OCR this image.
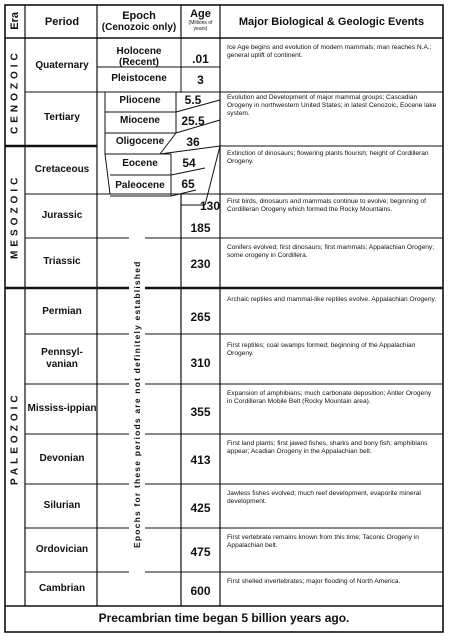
Era	Period	Epoch
(Cenozoic only)
Age
(Millions of years)
Major Biological & Geologic Events
CENOZOIC
MESOZOIC
PALEOZOIC
Quaternary
Tertiary
Cretaceous
Jurassic
Triassic
Permian
Pennsyl-vanian
Mississ-ippian
Devonian
Silurian
Ordovician
Cambrian
Holocene
(Recent)
Pleistocene
Pliocene
Miocene
Oligocene
Eocene
Paleocene
.01
3
5.5
25.5
36
54
65
130
185
230
265
310
355
413
425
475
600
Epochs for these periods are not definitely established
Ice Age begins and evolution of modern mammals; man reaches N.A.; general uplift of continent.
Evolution and Development of major mammal groups; Cascadian Orogeny in northwestern United States; in latest Cenozoic, Eocene lake system.
Extinction of dinosaurs; flowering plants flourish; height of Cordilleran Orogeny.
First birds, dinosaurs and mammals continue to evolve; beginning of Cordilleran Orogeny which formed the Rocky Mountains.
Conifers evolved; first dinosaurs; first mammals; Appalachian Orogeny; some orogeny in Cordillera.
Archaic reptiles and mammal-like reptiles evolve. Appalachian Orogeny.
First reptiles; coal swamps formed; beginning of the Appalachian Orogeny.
Expansion of amphibians; much carbonate deposition; Antler Orogeny in Cordilleran Mobile Belt (Rocky Mountain area).
First land plants; first jawed fishes, sharks and bony fish; amphibians appear; Acadian Orogeny in the Appalachian belt.
Jawless fishes evolved; much reef development, evaporite mineral development.
First vertebrate remains known from this time; Taconic Orogeny in Appalachian belt.
First shelled invertebrates; major flooding of North America.
Precambrian time began 5 billion years ago.
